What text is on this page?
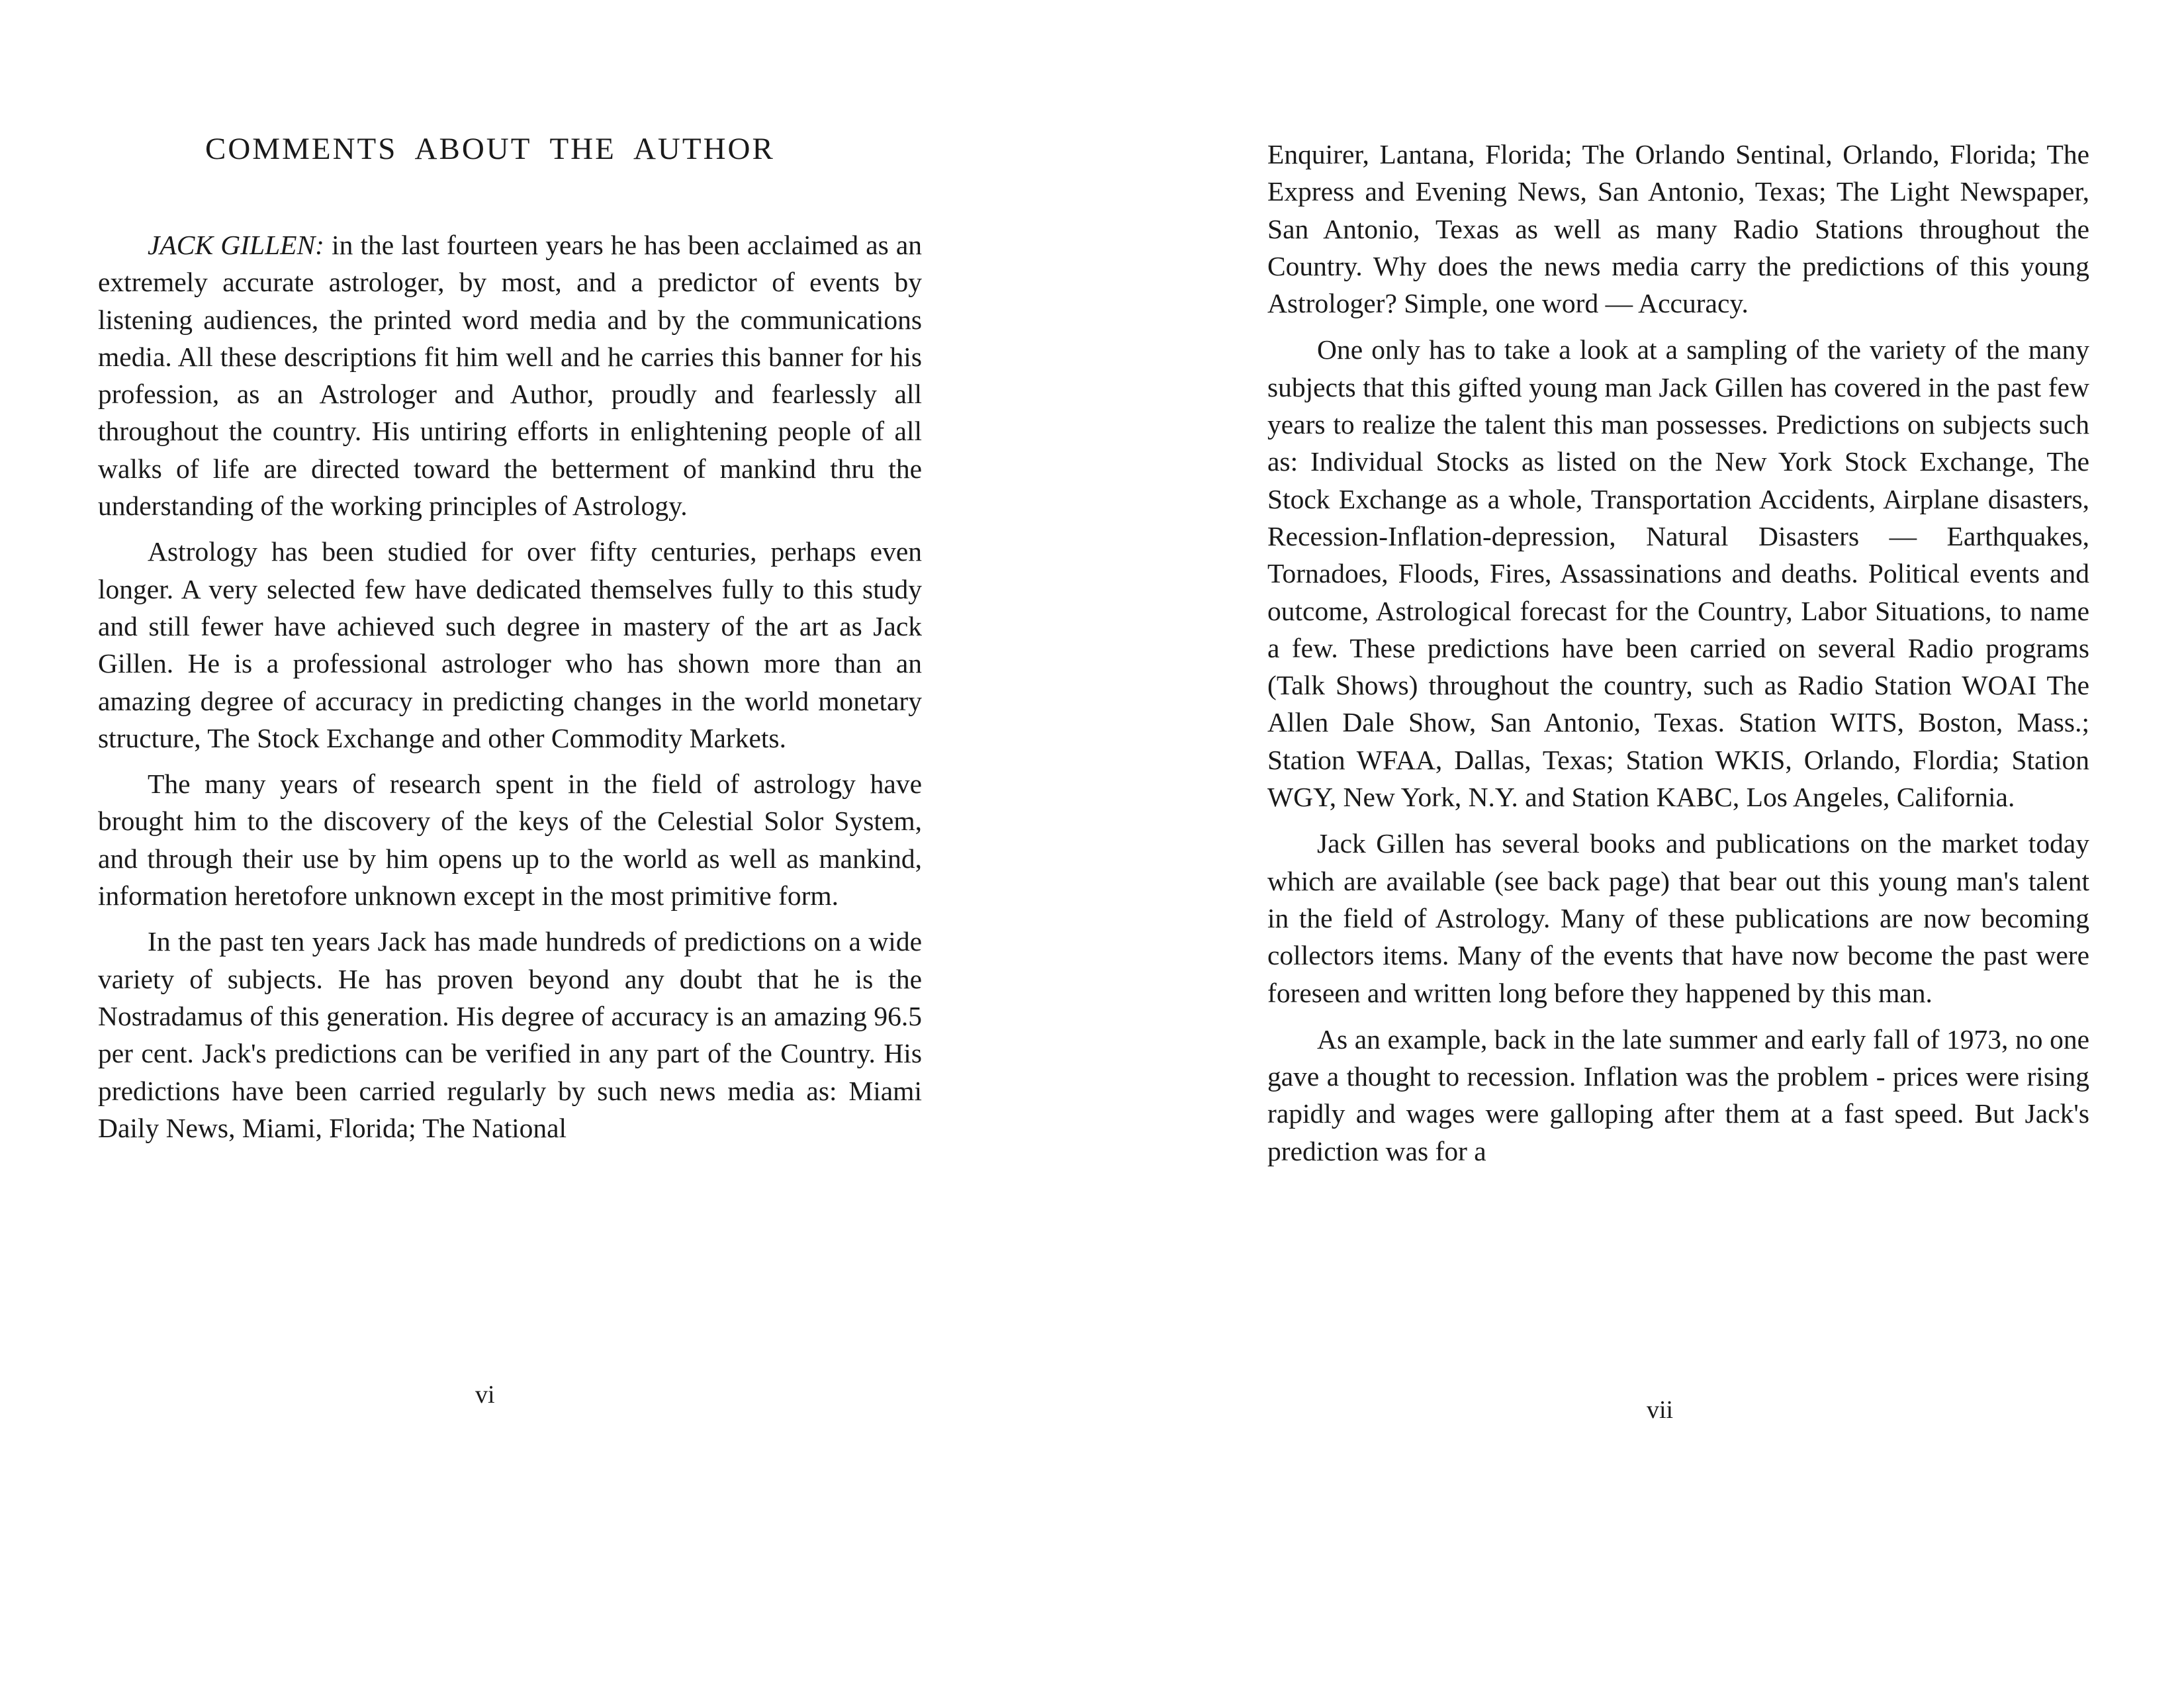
COMMENTS ABOUT THE AUTHOR

JACK GILLEN: in the last fourteen years he has been acclaimed as an extremely accurate astrologer, by most, and a predictor of events by listening audiences, the printed word media and by the communications media. All these descriptions fit him well and he carries this banner for his profession, as an Astrologer and Author, proudly and fearlessly all throughout the country. His untiring efforts in enlightening people of all walks of life are directed toward the betterment of mankind thru the understanding of the working principles of Astrology.

Astrology has been studied for over fifty centuries, perhaps even longer. A very selected few have dedicated themselves fully to this study and still fewer have achieved such degree in mastery of the art as Jack Gillen. He is a professional astrologer who has shown more than an amazing degree of accuracy in predicting changes in the world monetary structure, The Stock Exchange and other Commodity Markets.

The many years of research spent in the field of astrology have brought him to the discovery of the keys of the Celestial Solor System, and through their use by him opens up to the world as well as mankind, information heretofore unknown except in the most primitive form.

In the past ten years Jack has made hundreds of predictions on a wide variety of subjects. He has proven beyond any doubt that he is the Nostradamus of this generation. His degree of accuracy is an amazing 96.5 per cent. Jack's predictions can be verified in any part of the Country. His predictions have been carried regularly by such news media as: Miami Daily News, Miami, Florida; The National

vi

Enquirer, Lantana, Florida; The Orlando Sentinal, Orlando, Florida; The Express and Evening News, San Antonio, Texas; The Light Newspaper, San Antonio, Texas as well as many Radio Stations throughout the Country. Why does the news media carry the predictions of this young Astrologer? Simple, one word — Accuracy.

One only has to take a look at a sampling of the variety of the many subjects that this gifted young man Jack Gillen has covered in the past few years to realize the talent this man possesses. Predictions on subjects such as: Individual Stocks as listed on the New York Stock Exchange, The Stock Exchange as a whole, Transportation Accidents, Airplane disasters, Recession-Inflation-depression, Natural Disasters — Earthquakes, Tornadoes, Floods, Fires, Assassinations and deaths. Political events and outcome, Astrological forecast for the Country, Labor Situations, to name a few. These predictions have been carried on several Radio programs (Talk Shows) throughout the country, such as Radio Station WOAI The Allen Dale Show, San Antonio, Texas. Station WITS, Boston, Mass.; Station WFAA, Dallas, Texas; Station WKIS, Orlando, Flordia; Station WGY, New York, N.Y. and Station KABC, Los Angeles, California.

Jack Gillen has several books and publications on the market today which are available (see back page) that bear out this young man's talent in the field of Astrology. Many of these publications are now becoming collectors items. Many of the events that have now become the past were foreseen and written long before they happened by this man.

As an example, back in the late summer and early fall of 1973, no one gave a thought to recession. Inflation was the problem - prices were rising rapidly and wages were galloping after them at a fast speed. But Jack's prediction was for a

vii
